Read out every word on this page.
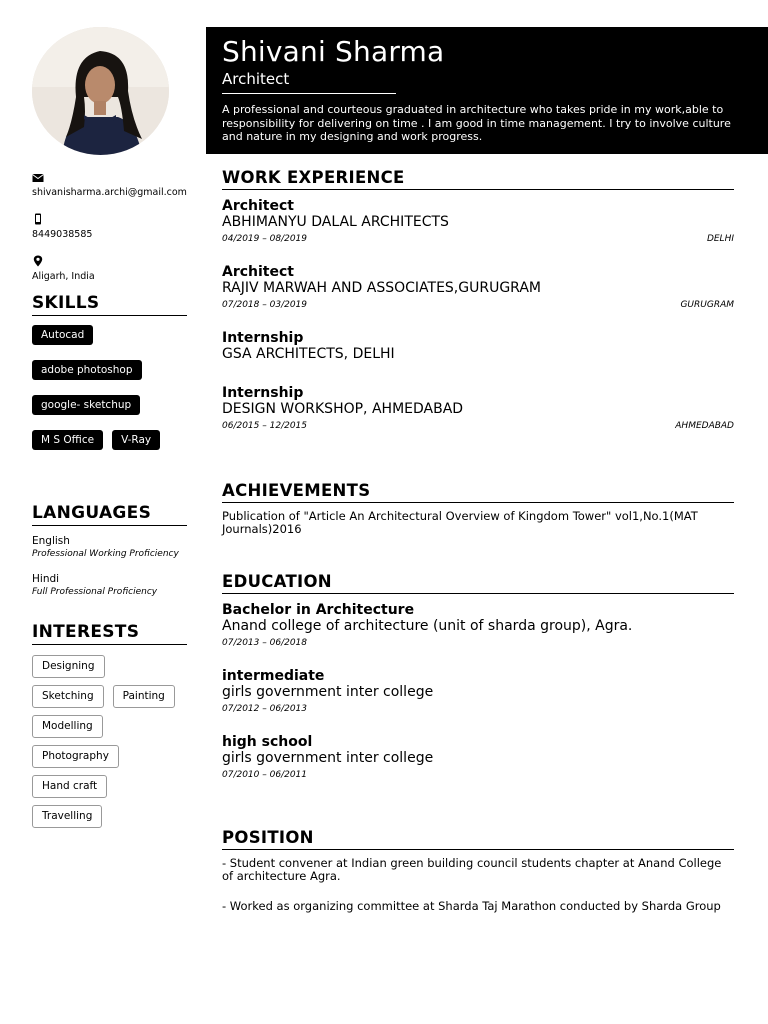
Shivani Sharma
Architect
A professional and courteous graduated in architecture who takes pride in my work,able to responsibility for delivering on time . I am good in time management. I try to involve culture and nature in my designing and work progress.
shivanisharma.archi@gmail.com
8449038585
Aligarh, India
SKILLS
Autocad
adobe photoshop
google- sketchup
M S Office	V-Ray
LANGUAGES
English
Professional Working Proficiency
Hindi
Full Professional Proficiency
INTERESTS
Designing
Sketching	Painting
Modelling
Photography
Hand craft
Travelling
WORK EXPERIENCE
Architect
ABHIMANYU DALAL ARCHITECTS
04/2019 – 08/2019	DELHI
Architect
RAJIV MARWAH AND ASSOCIATES,GURUGRAM
07/2018 – 03/2019	GURUGRAM
Internship
GSA ARCHITECTS, DELHI
Internship
DESIGN WORKSHOP, AHMEDABAD
06/2015 – 12/2015	AHMEDABAD
ACHIEVEMENTS
Publication of "Article An Architectural Overview of Kingdom Tower" vol1,No.1(MAT Journals)2016
EDUCATION
Bachelor in Architecture
Anand college of architecture (unit of sharda group), Agra.
07/2013 – 06/2018
intermediate
girls government inter college
07/2012 – 06/2013
high school
girls government inter college
07/2010 – 06/2011
POSITION
- Student convener at Indian green building council students chapter at Anand College of architecture Agra.
- Worked as organizing committee at Sharda Taj Marathon conducted by Sharda Group
